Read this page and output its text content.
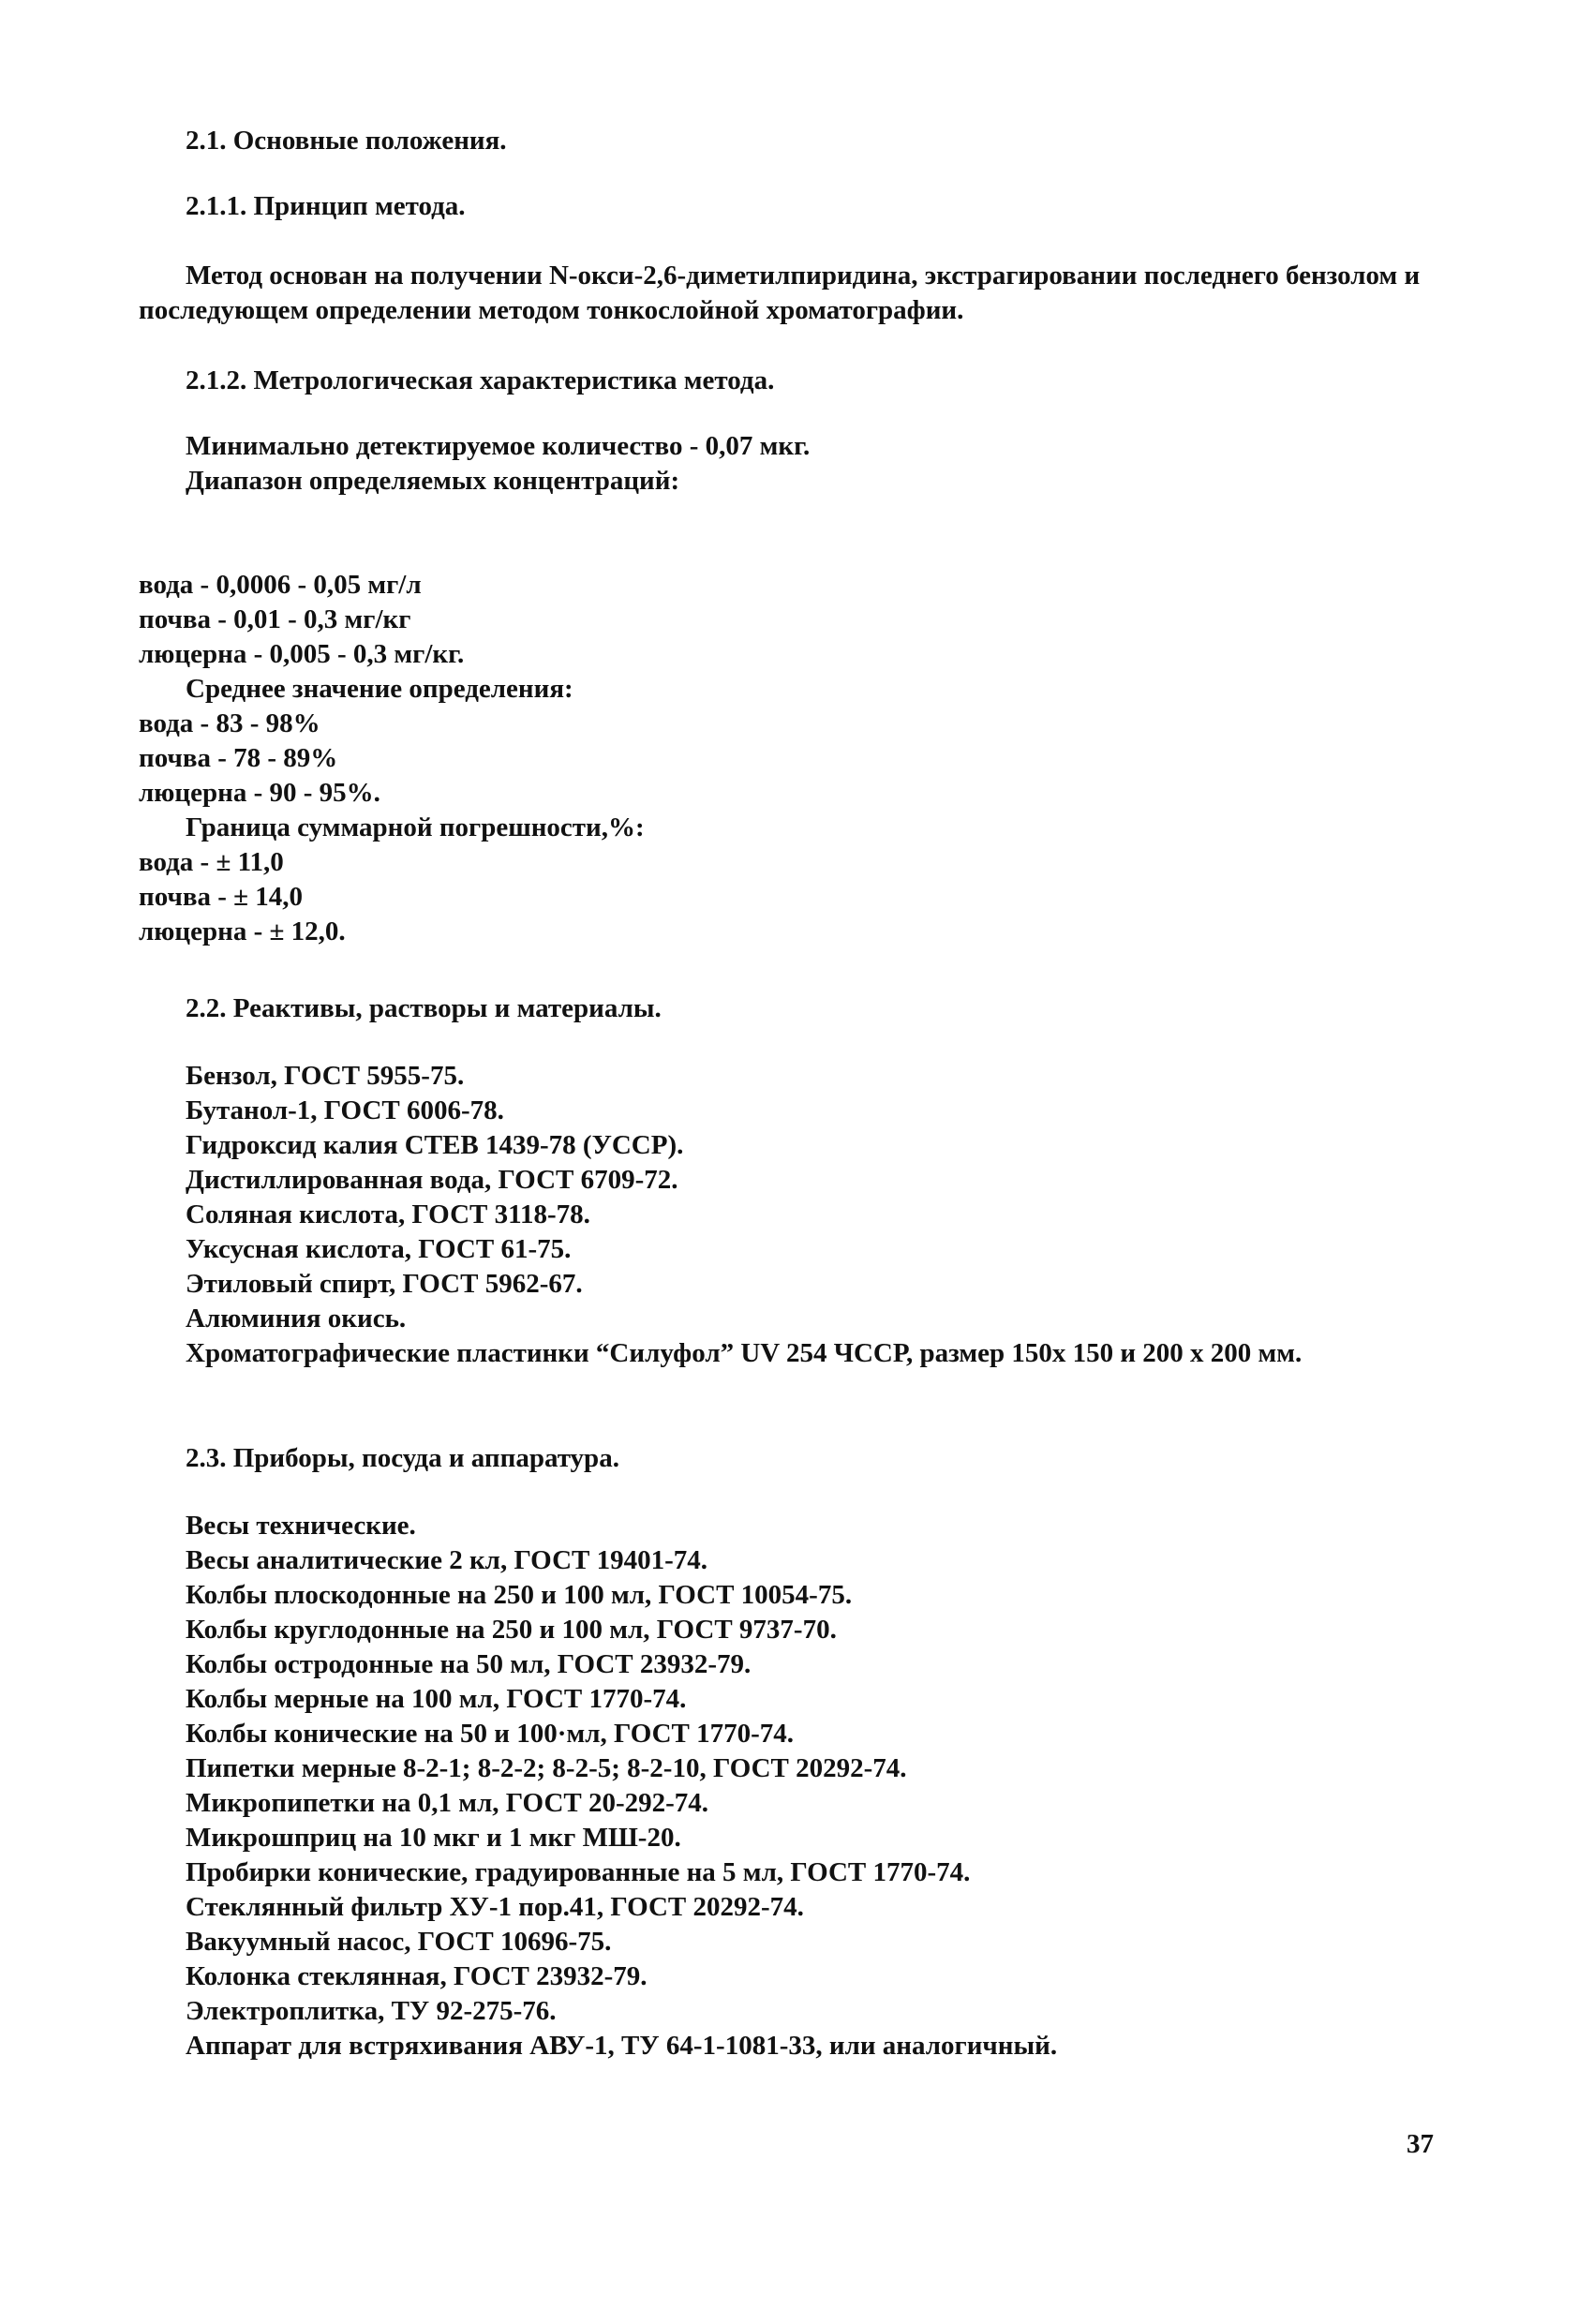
2.1. Основные положения.
2.1.1. Принцип метода.
Метод основан на получении N-окси-2,6-диметилпиридина, экстрагировании последнего бензолом и последующем определении методом тонкослойной хроматографии.
2.1.2. Метрологическая характеристика метода.
Минимально детектируемое количество - 0,07 мкг.
Диапазон определяемых концентраций:
вода - 0,0006 - 0,05 мг/л
почва - 0,01 - 0,3 мг/кг
люцерна - 0,005 - 0,3 мг/кг.
Среднее значение определения:
вода - 83 - 98%
почва - 78 - 89%
люцерна - 90 - 95%.
Граница суммарной погрешности,%:
вода - ± 11,0
почва - ± 14,0
люцерна - ± 12,0.
2.2. Реактивы, растворы и материалы.
Бензол, ГОСТ 5955-75.
Бутанол-1, ГОСТ 6006-78.
Гидроксид калия СТЕВ 1439-78 (УССР).
Дистиллированная вода, ГОСТ 6709-72.
Соляная кислота, ГОСТ 3118-78.
Уксусная кислота, ГОСТ 61-75.
Этиловый спирт, ГОСТ 5962-67.
Алюминия окись.
Хроматографические пластинки “Силуфол” UV 254 ЧССР, размер 150х 150 и 200 х 200 мм.
2.3. Приборы, посуда и аппаратура.
Весы технические.
Весы аналитические 2 кл, ГОСТ 19401-74.
Колбы плоскодонные на 250 и 100 мл, ГОСТ 10054-75.
Колбы круглодонные на 250 и 100 мл, ГОСТ 9737-70.
Колбы остродонные на 50 мл, ГОСТ 23932-79.
Колбы мерные на 100 мл, ГОСТ 1770-74.
Колбы конические на 50 и 100·мл, ГОСТ 1770-74.
Пипетки мерные 8-2-1; 8-2-2; 8-2-5; 8-2-10, ГОСТ 20292-74.
Микропипетки на 0,1 мл, ГОСТ 20-292-74.
Микрошприц на 10 мкг и 1 мкг МШ-20.
Пробирки конические, градуированные на 5 мл, ГОСТ 1770-74.
Стеклянный фильтр ХУ-1 пор.41, ГОСТ 20292-74.
Вакуумный насос, ГОСТ 10696-75.
Колонка стеклянная, ГОСТ 23932-79.
Электроплитка, ТУ 92-275-76.
Аппарат для встряхивания АВУ-1, ТУ 64-1-1081-33, или аналогичный.
37
